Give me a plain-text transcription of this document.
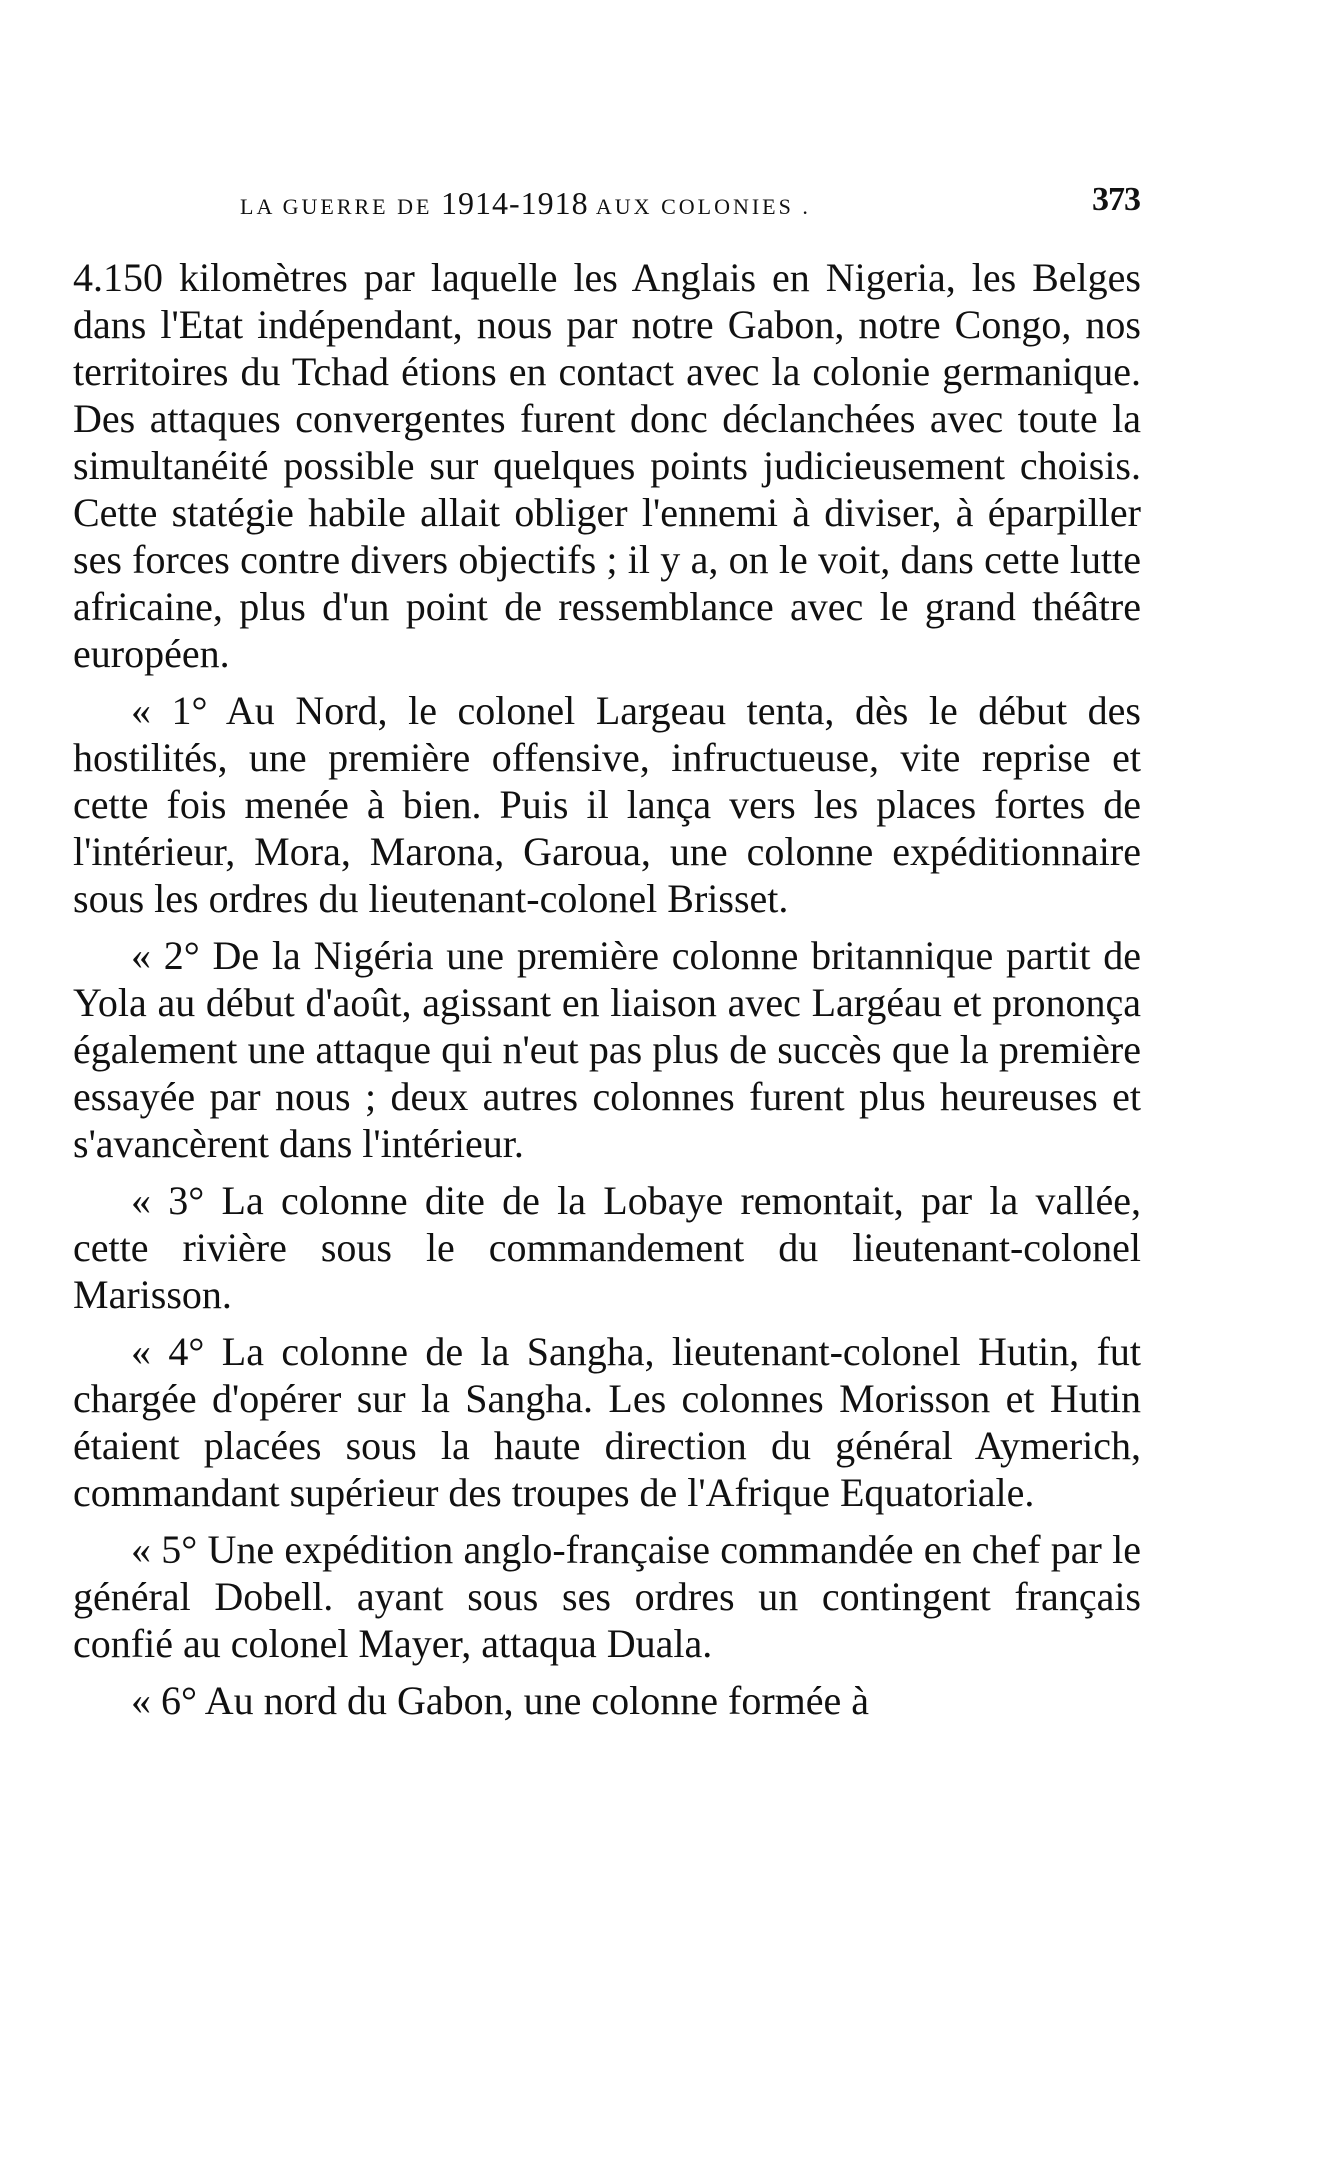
LA GUERRE DE 1914-1918 AUX COLONIES .	373

4.150 kilomètres par laquelle les Anglais en Nigeria, les Belges dans l'Etat indépendant, nous par notre Gabon, notre Congo, nos territoires du Tchad étions en contact avec la colonie germanique. Des attaques convergentes furent donc déclanchées avec toute la simultanéité possible sur quelques points judicieusement choisis. Cette statégie habile allait obliger l'ennemi à diviser, à éparpiller ses forces contre divers objectifs ; il y a, on le voit, dans cette lutte africaine, plus d'un point de ressemblance avec le grand théâtre européen.

« 1° Au Nord, le colonel Largeau tenta, dès le début des hostilités, une première offensive, infructueuse, vite reprise et cette fois menée à bien. Puis il lança vers les places fortes de l'intérieur, Mora, Marona, Garoua, une colonne expéditionnaire sous les ordres du lieutenant-colonel Brisset.

« 2° De la Nigéria une première colonne britannique partit de Yola au début d'août, agissant en liaison avec Largéau et prononça également une attaque qui n'eut pas plus de succès que la première essayée par nous ; deux autres colonnes furent plus heureuses et s'avancèrent dans l'intérieur.

« 3° La colonne dite de la Lobaye remontait, par la vallée, cette rivière sous le commandement du lieutenant-colonel Marisson.

« 4° La colonne de la Sangha, lieutenant-colonel Hutin, fut chargée d'opérer sur la Sangha. Les colonnes Morisson et Hutin étaient placées sous la haute direction du général Aymerich, commandant supérieur des troupes de l'Afrique Equatoriale.

« 5° Une expédition anglo-française commandée en chef par le général Dobell. ayant sous ses ordres un contingent français confié au colonel Mayer, attaqua Duala.

« 6° Au nord du Gabon, une colonne formée à
